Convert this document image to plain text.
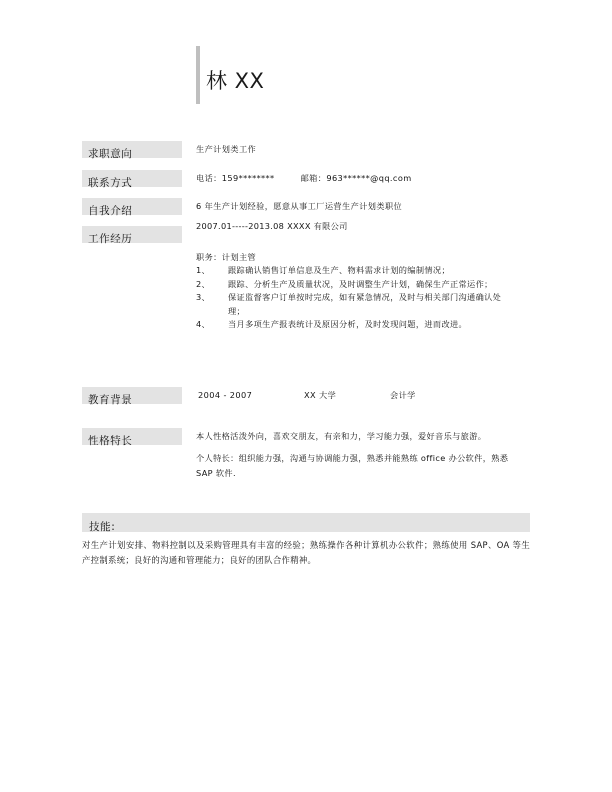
林 XX
求职意向	生产计划类工作
联系方式	电话：159********	邮箱：963******@qq.com
自我介绍	6 年生产计划经验，愿意从事工厂运营生产计划类职位
工作经历
2007.01-----2013.08 XXXX 有限公司
职务：计划主管
1、	跟踪确认销售订单信息及生产、物料需求计划的编制情况；
2、	跟踪、分析生产及质量状况，及时调整生产计划，确保生产正常运作；
3、	保证监督客户订单按时完成，如有紧急情况，及时与相关部门沟通确认处理；
4、	当月多项生产报表统计及原因分析，及时发现问题，进而改进。
教育背景	2004 - 2007	XX 大学	会计学
性格特长	本人性格活泼外向，喜欢交朋友，有亲和力，学习能力强，爱好音乐与旅游。

个人特长：组织能力强，沟通与协调能力强，熟悉并能熟练 office 办公软件，熟悉 SAP 软件.

技能:
对生产计划安排、物料控制以及采购管理具有丰富的经验；熟练操作各种计算机办公软件；熟练使用 SAP、OA 等生产控制系统；良好的沟通和管理能力；良好的团队合作精神。
